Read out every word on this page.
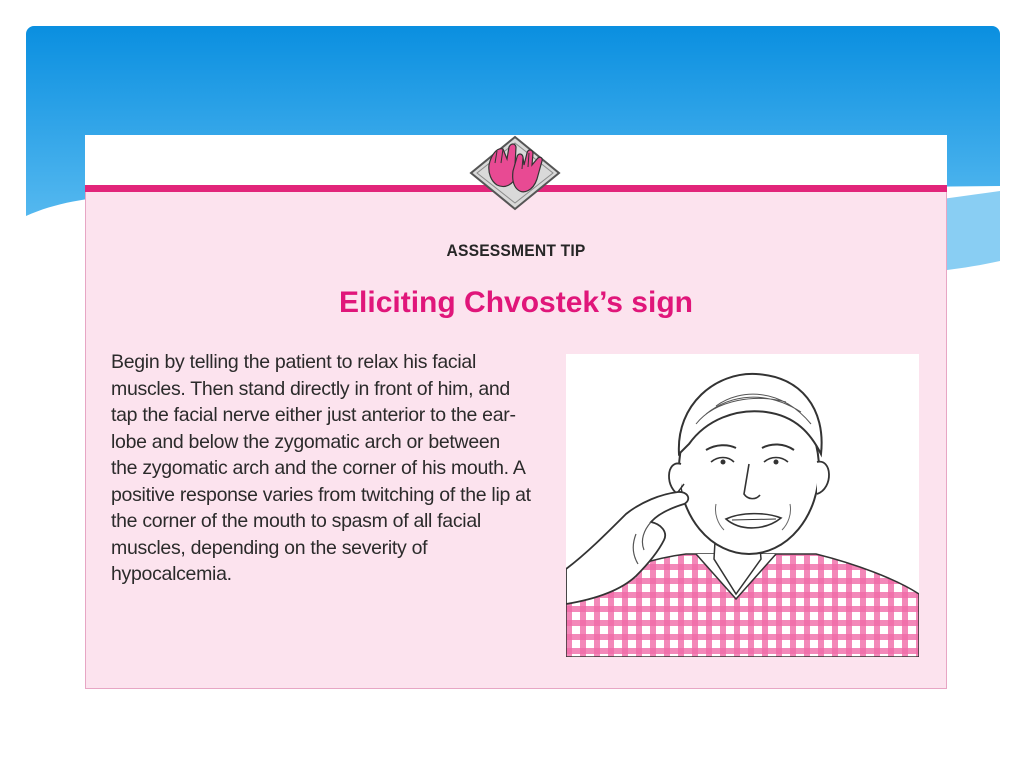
ASSESSMENT TIP
Eliciting Chvostek’s sign
Begin by telling the patient to relax his facial muscles. Then stand directly in front of him, and tap the facial nerve either just anterior to the ear-lobe and below the zygomatic arch or between the zygomatic arch and the corner of his mouth. A positive response varies from twitching of the lip at the corner of the mouth to spasm of all facial muscles, depending on the severity of hypocalcemia.
